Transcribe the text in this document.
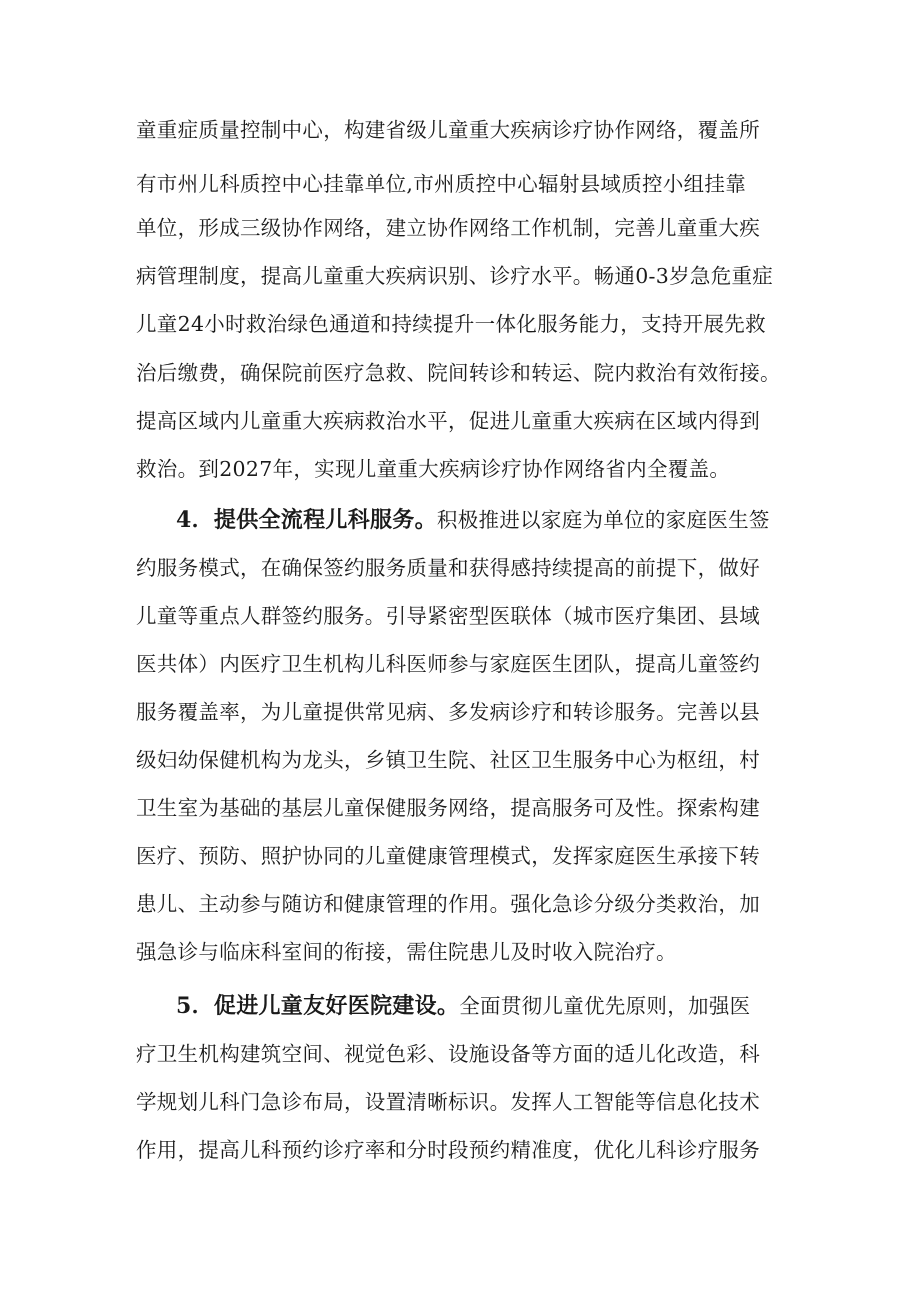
童重症质量控制中心，构建省级儿童重大疾病诊疗协作网络，覆盖所
有市州儿科质控中心挂靠单位,市州质控中心辐射县域质控小组挂靠
单位，形成三级协作网络，建立协作网络工作机制，完善儿童重大疾
病管理制度，提高儿童重大疾病识别、诊疗水平。畅通0-3岁急危重症
儿童24小时救治绿色通道和持续提升一体化服务能力，支持开展先救
治后缴费，确保院前医疗急救、院间转诊和转运、院内救治有效衔接。
提高区域内儿童重大疾病救治水平，促进儿童重大疾病在区域内得到
救治。到2027年，实现儿童重大疾病诊疗协作网络省内全覆盖。
4．提供全流程儿科服务。积极推进以家庭为单位的家庭医生签
约服务模式，在确保签约服务质量和获得感持续提高的前提下，做好
儿童等重点人群签约服务。引导紧密型医联体（城市医疗集团、县域
医共体）内医疗卫生机构儿科医师参与家庭医生团队，提高儿童签约
服务覆盖率，为儿童提供常见病、多发病诊疗和转诊服务。完善以县
级妇幼保健机构为龙头，乡镇卫生院、社区卫生服务中心为枢纽，村
卫生室为基础的基层儿童保健服务网络，提高服务可及性。探索构建
医疗、预防、照护协同的儿童健康管理模式，发挥家庭医生承接下转
患儿、主动参与随访和健康管理的作用。强化急诊分级分类救治，加
强急诊与临床科室间的衔接，需住院患儿及时收入院治疗。
5．促进儿童友好医院建设。全面贯彻儿童优先原则，加强医
疗卫生机构建筑空间、视觉色彩、设施设备等方面的适儿化改造，科
学规划儿科门急诊布局，设置清晰标识。发挥人工智能等信息化技术
作用，提高儿科预约诊疗率和分时段预约精准度，优化儿科诊疗服务
